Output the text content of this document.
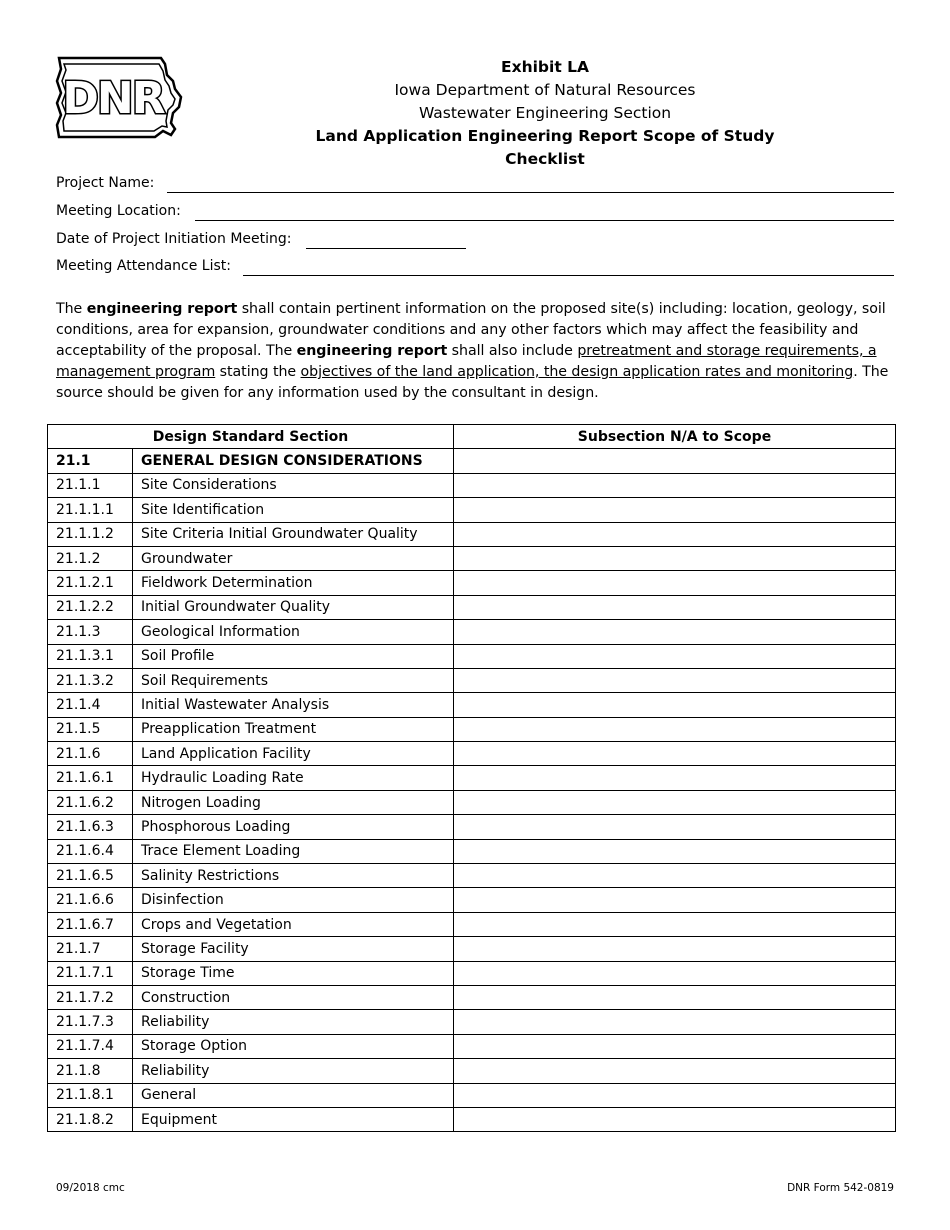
DNR
Exhibit LA
Iowa Department of Natural Resources
Wastewater Engineering Section
Land Application Engineering Report Scope of Study Checklist
Project Name:
Meeting Location:
Date of Project Initiation Meeting:
Meeting Attendance List:
The engineering report shall contain pertinent information on the proposed site(s) including: location, geology, soil conditions, area for expansion, groundwater conditions and any other factors which may affect the feasibility and acceptability of the proposal. The engineering report shall also include pretreatment and storage requirements, a management program stating the objectives of the land application, the design application rates and monitoring. The source should be given for any information used by the consultant in design.
Design Standard Section		Subsection N/A to Scope
21.1	GENERAL DESIGN CONSIDERATIONS	
21.1.1	Site Considerations	
21.1.1.1	Site Identification	
21.1.1.2	Site Criteria Initial Groundwater Quality	
21.1.2	Groundwater	
21.1.2.1	Fieldwork Determination	
21.1.2.2	Initial Groundwater Quality	
21.1.3	Geological Information	
21.1.3.1	Soil Profile	
21.1.3.2	Soil Requirements	
21.1.4	Initial Wastewater Analysis	
21.1.5	Preapplication Treatment	
21.1.6	Land Application Facility	
21.1.6.1	Hydraulic Loading Rate	
21.1.6.2	Nitrogen Loading	
21.1.6.3	Phosphorous Loading	
21.1.6.4	Trace Element Loading	
21.1.6.5	Salinity Restrictions	
21.1.6.6	Disinfection	
21.1.6.7	Crops and Vegetation	
21.1.7	Storage Facility	
21.1.7.1	Storage Time	
21.1.7.2	Construction	
21.1.7.3	Reliability	
21.1.7.4	Storage Option	
21.1.8	Reliability	
21.1.8.1	General	
21.1.8.2	Equipment	
09/2018 cmc	DNR Form 542-0819
